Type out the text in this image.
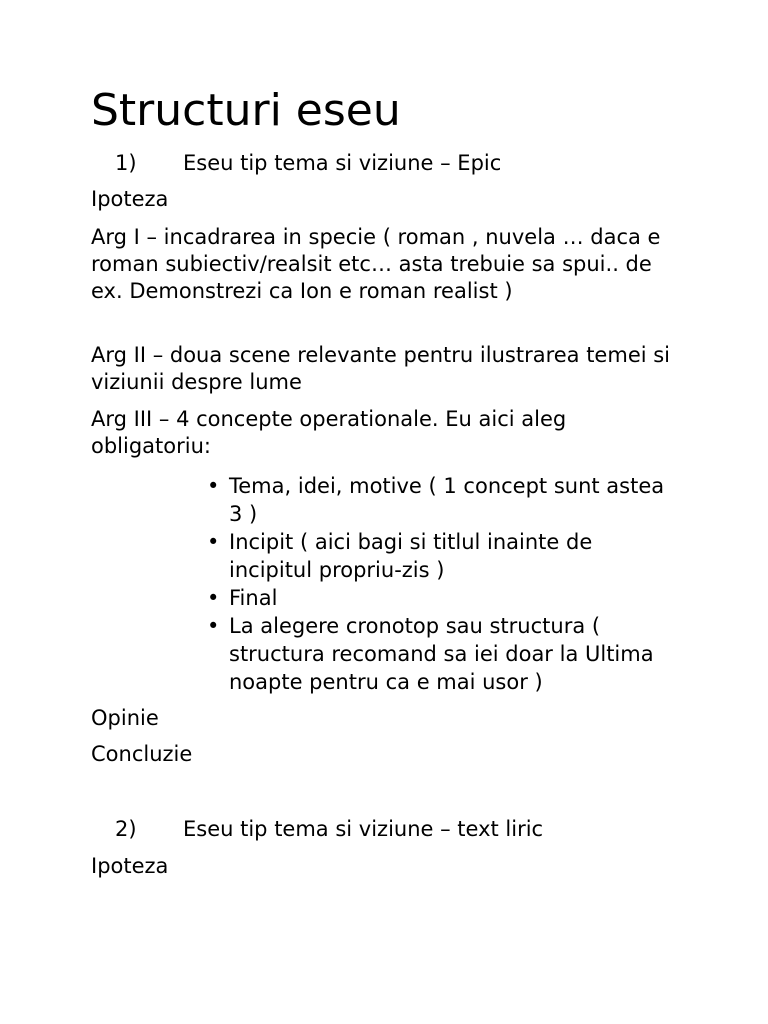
Structuri eseu
1) Eseu tip tema si viziune – Epic

Ipoteza

Arg I – incadrarea in specie ( roman , nuvela … daca e roman subiectiv/realsit etc… asta trebuie sa spui.. de ex. Demonstrezi ca Ion e roman realist )

Arg II – doua scene relevante pentru ilustrarea temei si viziunii despre lume

Arg III – 4 concepte operationale. Eu aici aleg obligatoriu:

• Tema, idei, motive ( 1 concept sunt astea 3 )
• Incipit ( aici bagi si titlul inainte de incipitul propriu-zis )
• Final
• La alegere cronotop sau structura ( structura recomand sa iei doar la Ultima noapte pentru ca e mai usor )

Opinie

Concluzie

2) Eseu tip tema si viziune – text liric

Ipoteza
